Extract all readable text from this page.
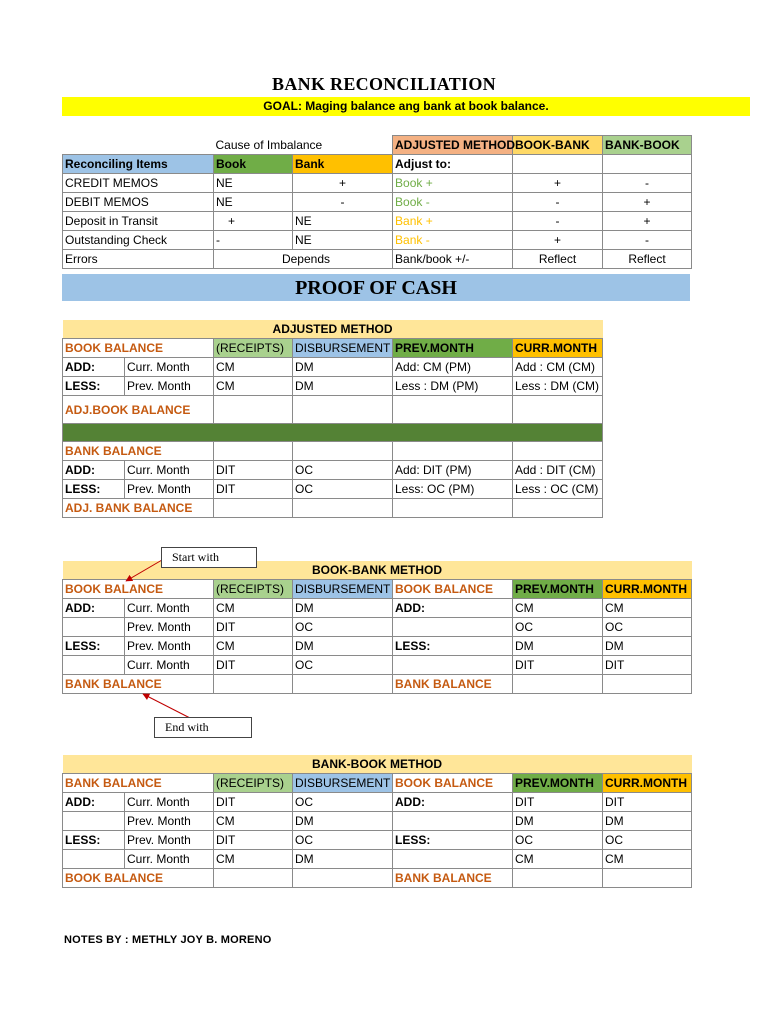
BANK RECONCILIATION
GOAL: Maging balance ang bank at book balance.
		Cause of Imbalance		ADJUSTED METHOD	BOOK-BANK	BANK-BOOK
Reconciling Items		Book	Bank	Adjust to:		
CREDIT MEMOS		NE	+	Book +	+	-
DEBIT MEMOS		NE	-	Book -	-	+
Deposit in Transit		+	NE	Bank +	-	+
Outstanding Check		-	NE	Bank -	+	-
Errors		Depends		Bank/book +/-	Reflect	Reflect
PROOF OF CASH
ADJUSTED METHOD					
BOOK BALANCE		(RECEIPTS)	DISBURSEMENT	PREV.MONTH	CURR.MONTH
ADD:	Curr. Month	CM	DM	Add: CM (PM)	Add : CM (CM)
LESS:	Prev. Month	CM	DM	Less : DM (PM)	Less : DM (CM)
ADJ.BOOK BALANCE					

BANK BALANCE					
ADD:	Curr. Month	DIT	OC	Add: DIT (PM)	Add : DIT (CM)
LESS:	Prev. Month	DIT	OC	Less: OC (PM)	Less : OC (CM)
ADJ. BANK BALANCE					
BOOK-BANK METHOD						
BOOK BALANCE		(RECEIPTS)	DISBURSEMENT	BOOK BALANCE	PREV.MONTH	CURR.MONTH
ADD:	Curr. Month	CM	DM	ADD:	CM	CM
	Prev. Month	DIT	OC		OC	OC
LESS:	Prev. Month	CM	DM	LESS:	DM	DM
	Curr. Month	DIT	OC		DIT	DIT
BANK BALANCE				BANK BALANCE		
BANK-BOOK METHOD						
BANK BALANCE		(RECEIPTS)	DISBURSEMENT	BOOK BALANCE	PREV.MONTH	CURR.MONTH
ADD:	Curr. Month	DIT	OC	ADD:	DIT	DIT
	Prev. Month	CM	DM		DM	DM
LESS:	Prev. Month	DIT	OC	LESS:	OC	OC
	Curr. Month	CM	DM		CM	CM
BOOK BALANCE				BANK BALANCE		
Start with
End with
NOTES BY : METHLY JOY B. MORENO
